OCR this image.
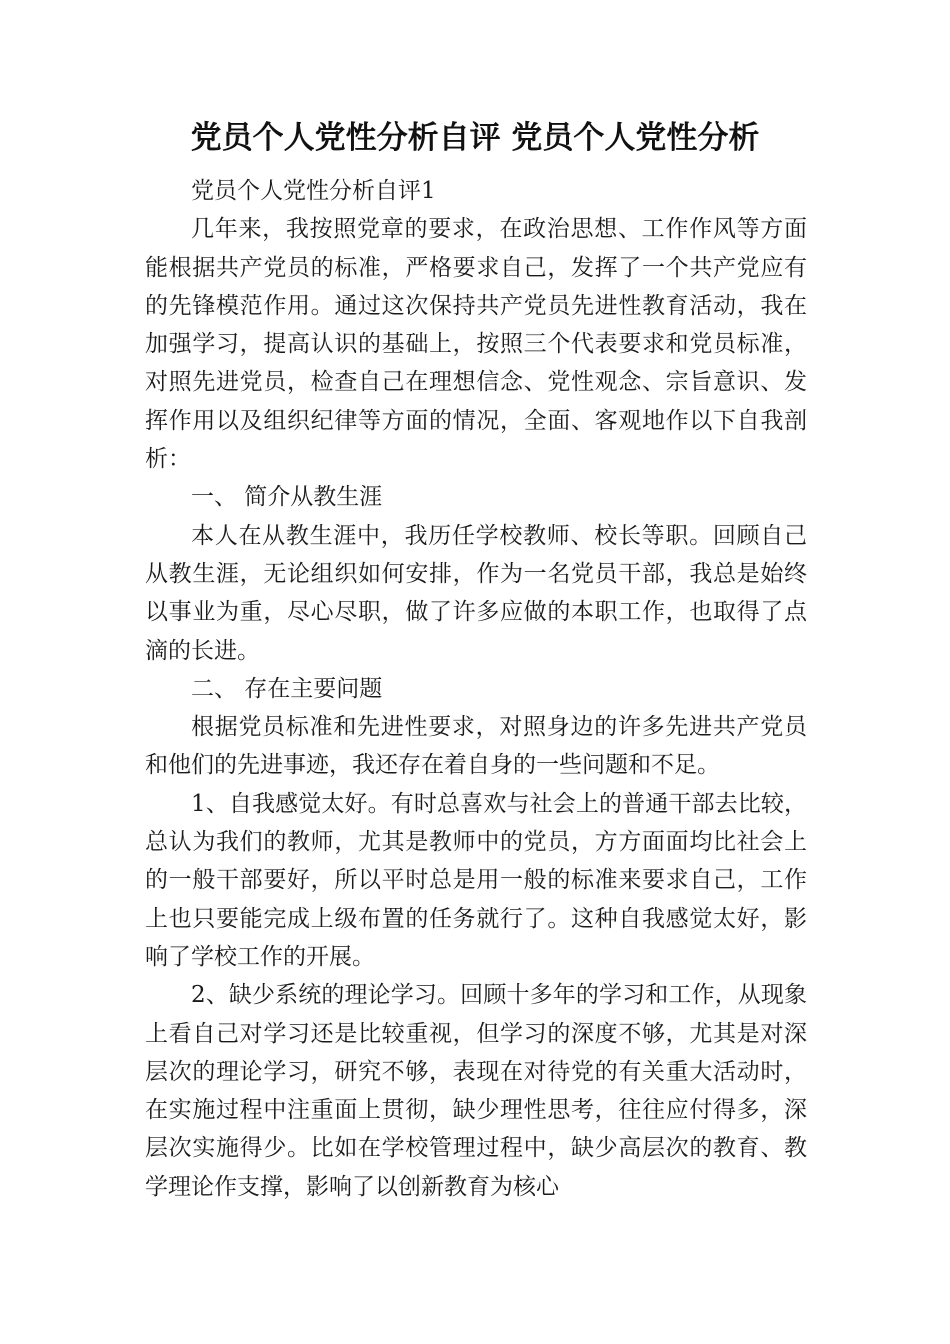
党员个人党性分析自评 党员个人党性分析

党员个人党性分析自评1

几年来，我按照党章的要求，在政治思想、工作作风等方面能根据共产党员的标准，严格要求自己，发挥了一个共产党应有的先锋模范作用。通过这次保持共产党员先进性教育活动，我在加强学习，提高认识的基础上，按照三个代表要求和党员标准，对照先进党员，检查自己在理想信念、党性观念、宗旨意识、发挥作用以及组织纪律等方面的情况，全面、客观地作以下自我剖析：

一、 简介从教生涯

本人在从教生涯中，我历任学校教师、校长等职。回顾自己从教生涯，无论组织如何安排，作为一名党员干部，我总是始终以事业为重，尽心尽职，做了许多应做的本职工作，也取得了点滴的长进。

二、 存在主要问题

根据党员标准和先进性要求，对照身边的许多先进共产党员和他们的先进事迹，我还存在着自身的一些问题和不足。

1、自我感觉太好。有时总喜欢与社会上的普通干部去比较，总认为我们的教师，尤其是教师中的党员，方方面面均比社会上的一般干部要好，所以平时总是用一般的标准来要求自己，工作上也只要能完成上级布置的任务就行了。这种自我感觉太好，影响了学校工作的开展。

2、缺少系统的理论学习。回顾十多年的学习和工作，从现象上看自己对学习还是比较重视，但学习的深度不够，尤其是对深层次的理论学习，研究不够，表现在对待党的有关重大活动时，在实施过程中注重面上贯彻，缺少理性思考，往往应付得多，深层次实施得少。比如在学校管理过程中，缺少高层次的教育、教学理论作支撑，影响了以创新教育为核心
